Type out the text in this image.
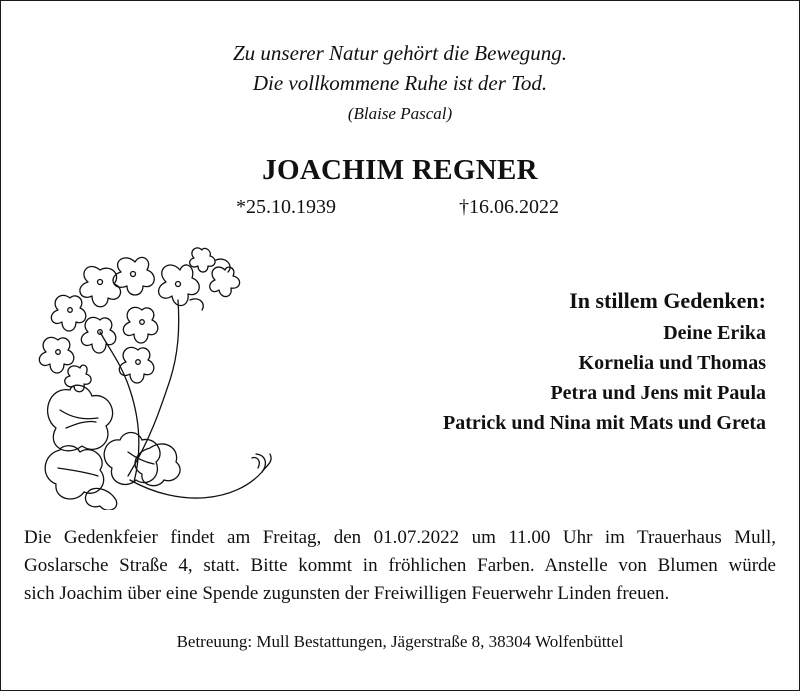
Zu unserer Natur gehört die Bewegung.
Die vollkommene Ruhe ist der Tod.
(Blaise Pascal)
JOACHIM REGNER
*25.10.1939	†16.06.2022
In stillem Gedenken:
Deine Erika
Kornelia und Thomas
Petra und Jens mit Paula
Patrick und Nina mit Mats und Greta
Die Gedenkfeier findet am Freitag, den 01.07.2022 um 11.00 Uhr im Trauerhaus Mull,
Goslarsche Straße 4, statt. Bitte kommt in fröhlichen Farben. Anstelle von Blumen würde
sich Joachim über eine Spende zugunsten der Freiwilligen Feuerwehr Linden freuen.
Betreuung: Mull Bestattungen, Jägerstraße 8, 38304 Wolfenbüttel
